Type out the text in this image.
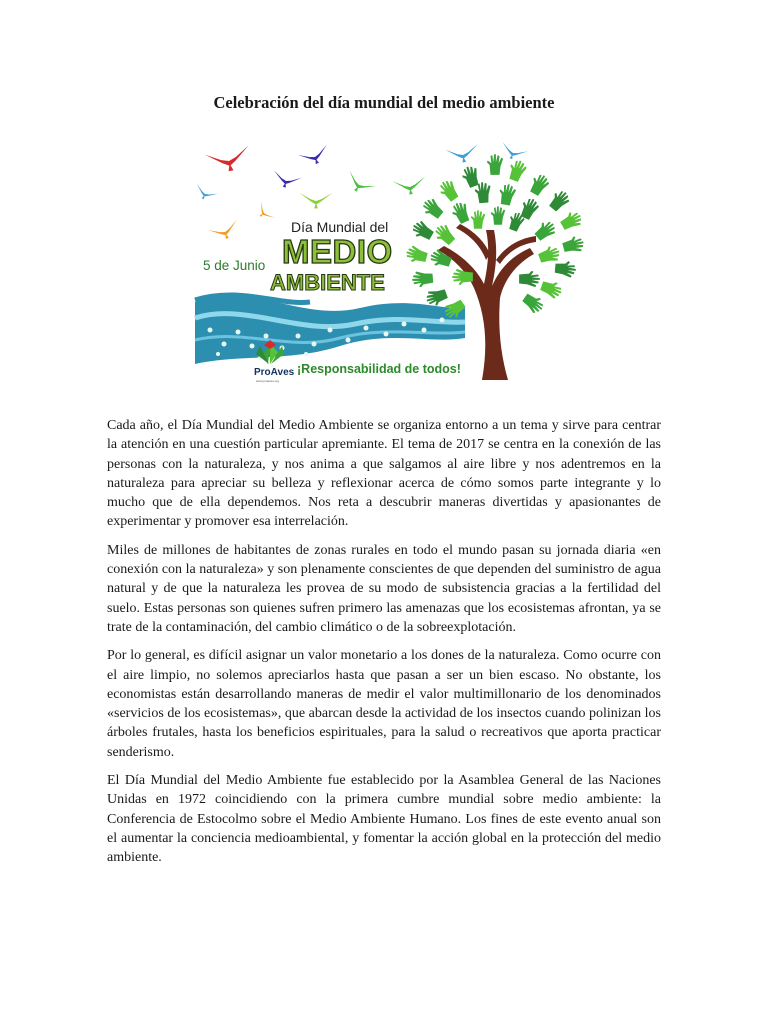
Celebración del día mundial del medio ambiente
5 de Junio
Día Mundial del
MEDIO
AMBIENTE
ProAves
www.proaves.org
¡Responsabilidad de todos!

Cada año, el Día Mundial del Medio Ambiente se organiza entorno a un tema y sirve para centrar la atención en una cuestión particular apremiante. El tema de 2017 se centra en la conexión de las personas con la naturaleza, y nos anima a que salgamos al aire libre y nos adentremos en la naturaleza para apreciar su belleza y reflexionar acerca de cómo somos parte integrante y lo mucho que de ella dependemos. Nos reta a descubrir maneras divertidas y apasionantes de experimentar y promover esa interrelación.

Miles de millones de habitantes de zonas rurales en todo el mundo pasan su jornada diaria «en conexión con la naturaleza» y son plenamente conscientes de que dependen del suministro de agua natural y de que la naturaleza les provea de su modo de subsistencia gracias a la fertilidad del suelo. Estas personas son quienes sufren primero las amenazas que los ecosistemas afrontan, ya se trate de la contaminación, del cambio climático o de la sobreexplotación.

Por lo general, es difícil asignar un valor monetario a los dones de la naturaleza. Como ocurre con el aire limpio, no solemos apreciarlos hasta que pasan a ser un bien escaso. No obstante, los economistas están desarrollando maneras de medir el valor multimillonario de los denominados «servicios de los ecosistemas», que abarcan desde la actividad de los insectos cuando polinizan los árboles frutales, hasta los beneficios espirituales, para la salud o recreativos que aporta practicar senderismo.

El Día Mundial del Medio Ambiente fue establecido por la Asamblea General de las Naciones Unidas en 1972 coincidiendo con la primera cumbre mundial sobre medio ambiente: la Conferencia de Estocolmo sobre el Medio Ambiente Humano. Los fines de este evento anual son el aumentar la conciencia medioambiental, y fomentar la acción global en la protección del medio ambiente.
